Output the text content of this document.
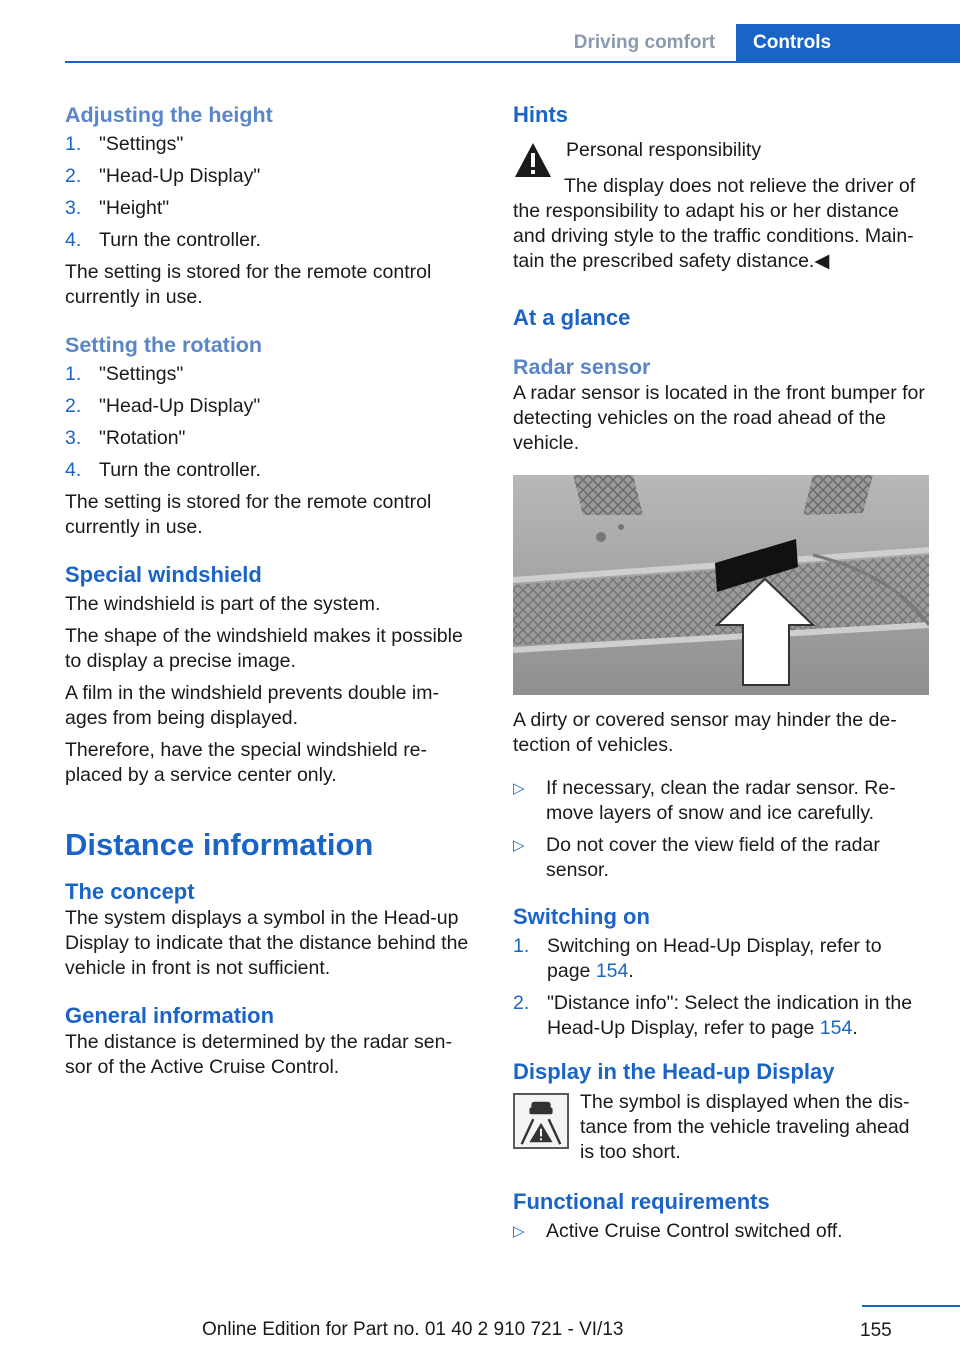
Driving comfort	Controls
Adjusting the height
1. "Settings"
2. "Head-Up Display"
3. "Height"
4. Turn the controller.

The setting is stored for the remote control currently in use.

Setting the rotation
1. "Settings"
2. "Head-Up Display"
3. "Rotation"
4. Turn the controller.

The setting is stored for the remote control currently in use.

Special windshield

The windshield is part of the system.

The shape of the windshield makes it possible to display a precise image.

A film in the windshield prevents double im‐ ages from being displayed.

Therefore, have the special windshield re‐ placed by a service center only.

Distance information
The concept

The system displays a symbol in the Head-up Display to indicate that the distance behind the vehicle in front is not sufficient.

General information

The distance is determined by the radar sen‐ sor of the Active Cruise Control.

Hints

Personal responsibility

The display does not relieve the driver of the responsibility to adapt his or her distance and driving style to the traffic conditions. Main‐ tain the prescribed safety distance.◀

At a glance
Radar sensor

A radar sensor is located in the front bumper for detecting vehicles on the road ahead of the vehicle.

A dirty or covered sensor may hinder the de‐ tection of vehicles.

▷	If necessary, clean the radar sensor. Re‐ move layers of snow and ice carefully.
▷	Do not cover the view field of the radar sensor.
Switching on
1. Switching on Head-Up Display, refer to page 154.
2. "Distance info": Select the indication in the Head-Up Display, refer to page 154.
Display in the Head-up Display

The symbol is displayed when the dis‐ tance from the vehicle traveling ahead is too short.

Functional requirements
▷	Active Cruise Control switched off.
155
Online Edition for Part no. 01 40 2 910 721 - VI/13
